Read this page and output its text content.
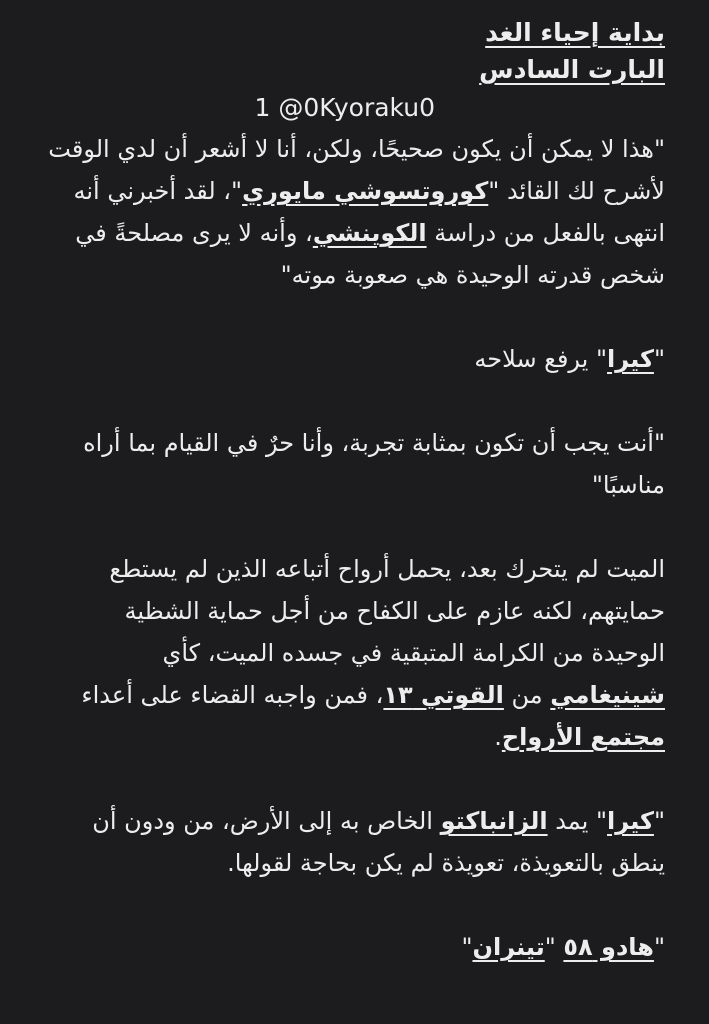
بداية إحياء الغد

البارت السادس

1 @0Kyoraku0

"هذا لا يمكن أن يكون صحيحًا، ولكن، أنا لا أشعر أن لدي الوقت لأشرح لك القائد "كوروتسوشي مايوري"، لقد أخبرني أنه انتهى بالفعل من دراسة الكوينشي، وأنه لا يرى مصلحةً في شخص قدرته الوحيدة هي صعوبة موته"

"كيرا" يرفع سلاحه

"أنت يجب أن تكون بمثابة تجربة، وأنا حرٌ في القيام بما أراه مناسبًا"

الميت لم يتحرك بعد، يحمل أرواح أتباعه الذين لم يستطع حمايتهم، لكنه عازم على الكفاح من أجل حماية الشظية الوحيدة من الكرامة المتبقية في جسده الميت، كأي شينيغامي من القوتي ١٣، فمن واجبه القضاء على أعداء مجتمع الأرواح.

"كيرا" يمد الزانباكتو الخاص به إلى الأرض، من ودون أن ينطق بالتعويذة، تعويذة لم يكن بحاجة لقولها.

"هادو ٥٨ "تينران"
